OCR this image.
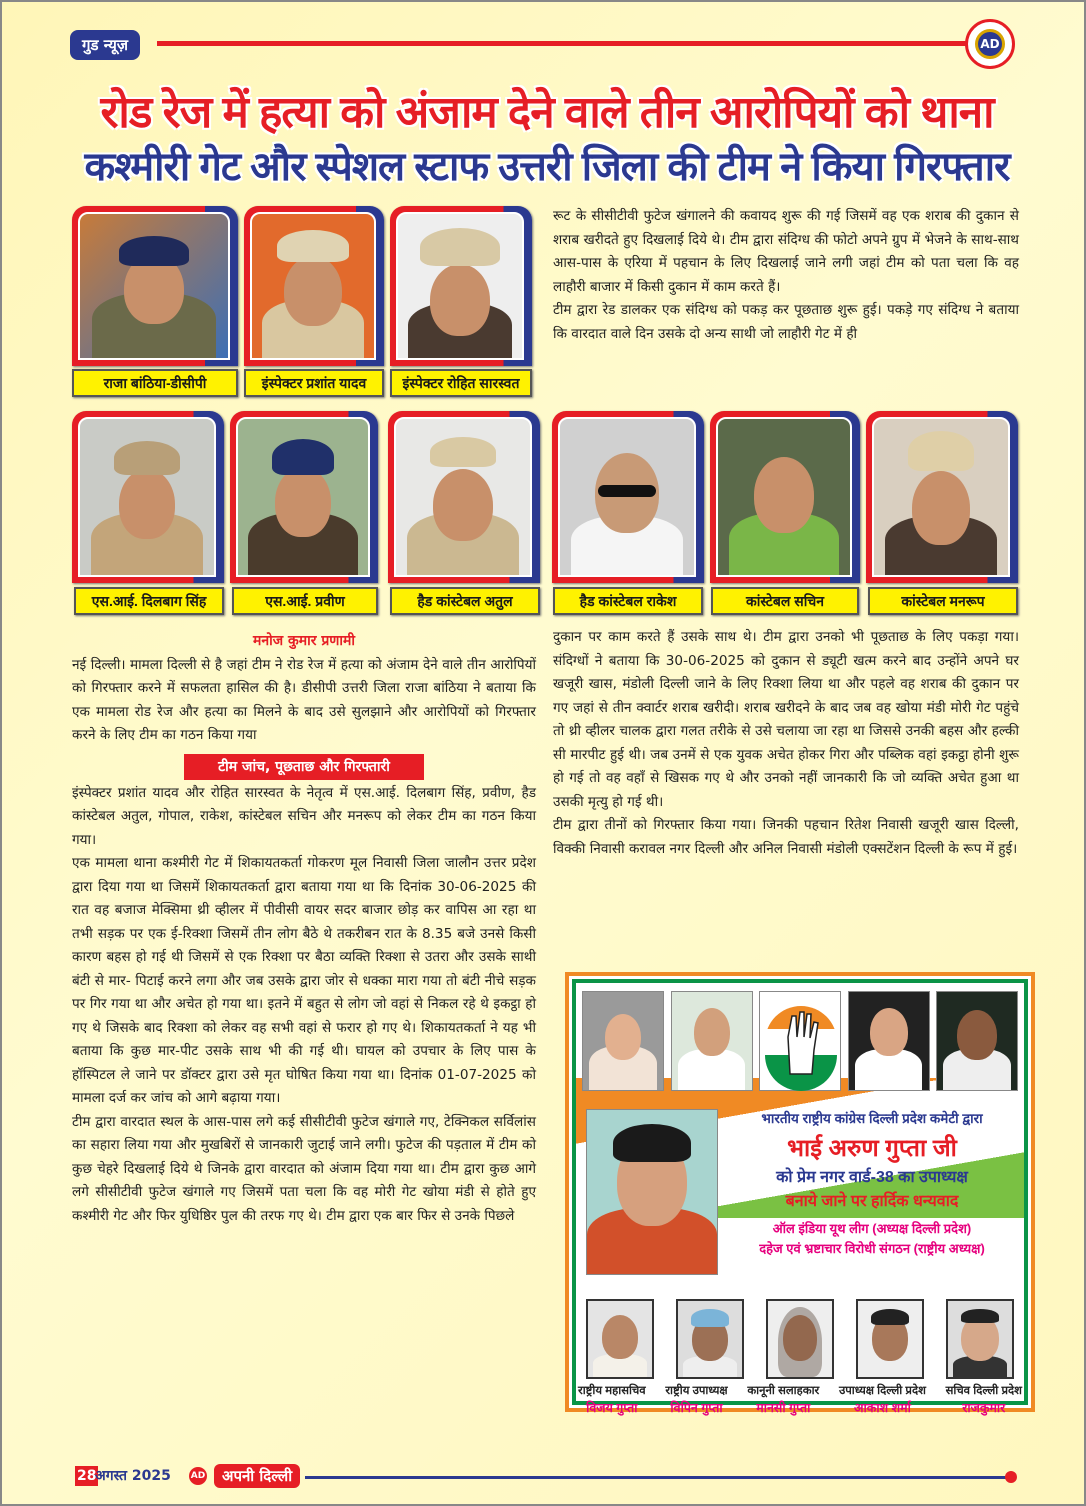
गुड न्यूज़	AD
रोड रेज में हत्या को अंजाम देने वाले तीन आरोपियों को थाना
कश्मीरी गेट और स्पेशल स्टाफ उत्तरी जिला की टीम ने किया गिरफ्तार
राजा बांठिया-डीसीपी	इंस्पेक्टर प्रशांत यादव	इंस्पेक्टर रोहित सारस्वत
एस.आई. दिलबाग सिंह	एस.आई. प्रवीण	हैड कांस्टेबल अतुल	हैड कांस्टेबल राकेश	कांस्टेबल सचिन	कांस्टेबल मनरूप

रूट के सीसीटीवी फुटेज खंगालने की कवायद शुरू की गई जिसमें वह एक शराब की दुकान से शराब खरीदते हुए दिखलाई दिये थे। टीम द्वारा संदिग्ध की फोटो अपने ग्रुप में भेजने के साथ-साथ आस-पास के एरिया में पहचान के लिए दिखलाई जाने लगी जहां टीम को पता चला कि वह लाहौरी बाजार में किसी दुकान में काम करते हैं।

टीम द्वारा रेड डालकर एक संदिग्ध को पकड़ कर पूछताछ शुरू हुई। पकड़े गए संदिग्ध ने बताया कि वारदात वाले दिन उसके दो अन्य साथी जो लाहौरी गेट में ही

मनोज कुमार प्रणामी

नई दिल्ली। मामला दिल्ली से है जहां टीम ने रोड रेज में हत्या को अंजाम देने वाले तीन आरोपियों को गिरफ्तार करने में सफलता हासिल की है। डीसीपी उत्तरी जिला राजा बांठिया ने बताया कि एक मामला रोड रेज और हत्या का मिलने के बाद उसे सुलझाने और आरोपियों को गिरफ्तार करने के लिए टीम का गठन किया गया

टीम जांच, पूछताछ और गिरफ्तारी

इंस्पेक्टर प्रशांत यादव और रोहित सारस्वत के नेतृत्व में एस.आई. दिलबाग सिंह, प्रवीण, हैड कांस्टेबल अतुल, गोपाल, राकेश, कांस्टेबल सचिन और मनरूप को लेकर टीम का गठन किया गया।

एक मामला थाना कश्मीरी गेट में शिकायतकर्ता गोकरण मूल निवासी जिला जालौन उत्तर प्रदेश द्वारा दिया गया था जिसमें शिकायतकर्ता द्वारा बताया गया था कि दिनांक 30-06-2025 की रात वह बजाज मेक्सिमा थ्री व्हीलर में पीवीसी वायर सदर बाजार छोड़ कर वापिस आ रहा था तभी सड़क पर एक ई-रिक्शा जिसमें तीन लोग बैठे थे तकरीबन रात के 8.35 बजे उनसे किसी कारण बहस हो गई थी जिसमें से एक रिक्शा पर बैठा व्यक्ति रिक्शा से उतरा और उसके साथी बंटी से मार- पिटाई करने लगा और जब उसके द्वारा जोर से धक्का मारा गया तो बंटी नीचे सड़क पर गिर गया था और अचेत हो गया था। इतने में बहुत से लोग जो वहां से निकल रहे थे इकट्ठा हो गए थे जिसके बाद रिक्शा को लेकर वह सभी वहां से फरार हो गए थे। शिकायतकर्ता ने यह भी बताया कि कुछ मार-पीट उसके साथ भी की गई थी। घायल को उपचार के लिए पास के हॉस्पिटल ले जाने पर डॉक्टर द्वारा उसे मृत घोषित किया गया था। दिनांक 01-07-2025 को मामला दर्ज कर जांच को आगे बढ़ाया गया।

टीम द्वारा वारदात स्थल के आस-पास लगे कई सीसीटीवी फुटेज खंगाले गए, टेक्निकल सर्विलांस का सहारा लिया गया और मुखबिरों से जानकारी जुटाई जाने लगी। फुटेज की पड़ताल में टीम को कुछ चेहरे दिखलाई दिये थे जिनके द्वारा वारदात को अंजाम दिया गया था। टीम द्वारा कुछ आगे लगे सीसीटीवी फुटेज खंगाले गए जिसमें पता चला कि वह मोरी गेट खोया मंडी से होते हुए कश्मीरी गेट और फिर युधिष्ठिर पुल की तरफ गए थे। टीम द्वारा एक बार फिर से उनके पिछले

दुकान पर काम करते हैं उसके साथ थे। टीम द्वारा उनको भी पूछताछ के लिए पकड़ा गया। संदिग्धों ने बताया कि 30-06-2025 को दुकान से ड्यूटी खत्म करने बाद उन्होंने अपने घर खजूरी खास, मंडोली दिल्ली जाने के लिए रिक्शा लिया था और पहले वह शराब की दुकान पर गए जहां से तीन क्वार्टर शराब खरीदी। शराब खरीदने के बाद जब वह खोया मंडी मोरी गेट पहुंचे तो थ्री व्हीलर चालक द्वारा गलत तरीके से उसे चलाया जा रहा था जिससे उनकी बहस और हल्की सी मारपीट हुई थी। जब उनमें से एक युवक अचेत होकर गिरा और पब्लिक वहां इकट्ठा होनी शुरू हो गई तो वह वहाँ से खिसक गए थे और उनको नहीं जानकारी कि जो व्यक्ति अचेत हुआ था उसकी मृत्यु हो गई थी।

टीम द्वारा तीनों को गिरफ्तार किया गया। जिनकी पहचान रितेश निवासी खजूरी खास दिल्ली, विक्की निवासी करावल नगर दिल्ली और अनिल निवासी मंडोली एक्सटेंशन दिल्ली के रूप में हुई।

भारतीय राष्ट्रीय कांग्रेस दिल्ली प्रदेश कमेटी द्वारा
भाई अरुण गुप्ता जी
को प्रेम नगर वार्ड-38 का उपाध्यक्ष
बनाये जाने पर हार्दिक धन्यवाद
ऑल इंडिया यूथ लीग (अध्यक्ष दिल्ली प्रदेश)
दहेज एवं भ्रष्टाचार विरोधी संगठन (राष्ट्रीय अध्यक्ष)
राष्ट्रीय महासचिव
विजय गुप्ता
राष्ट्रीय उपाध्यक्ष
विपिन गुप्ता
कानूनी सलाहकार
मानसी गुप्ता
उपाध्यक्ष दिल्ली प्रदेश
आकाश शर्मा
सचिव दिल्ली प्रदेश
राजकुमार
28
अगस्त 2025 AD	अपनी दिल्ली
